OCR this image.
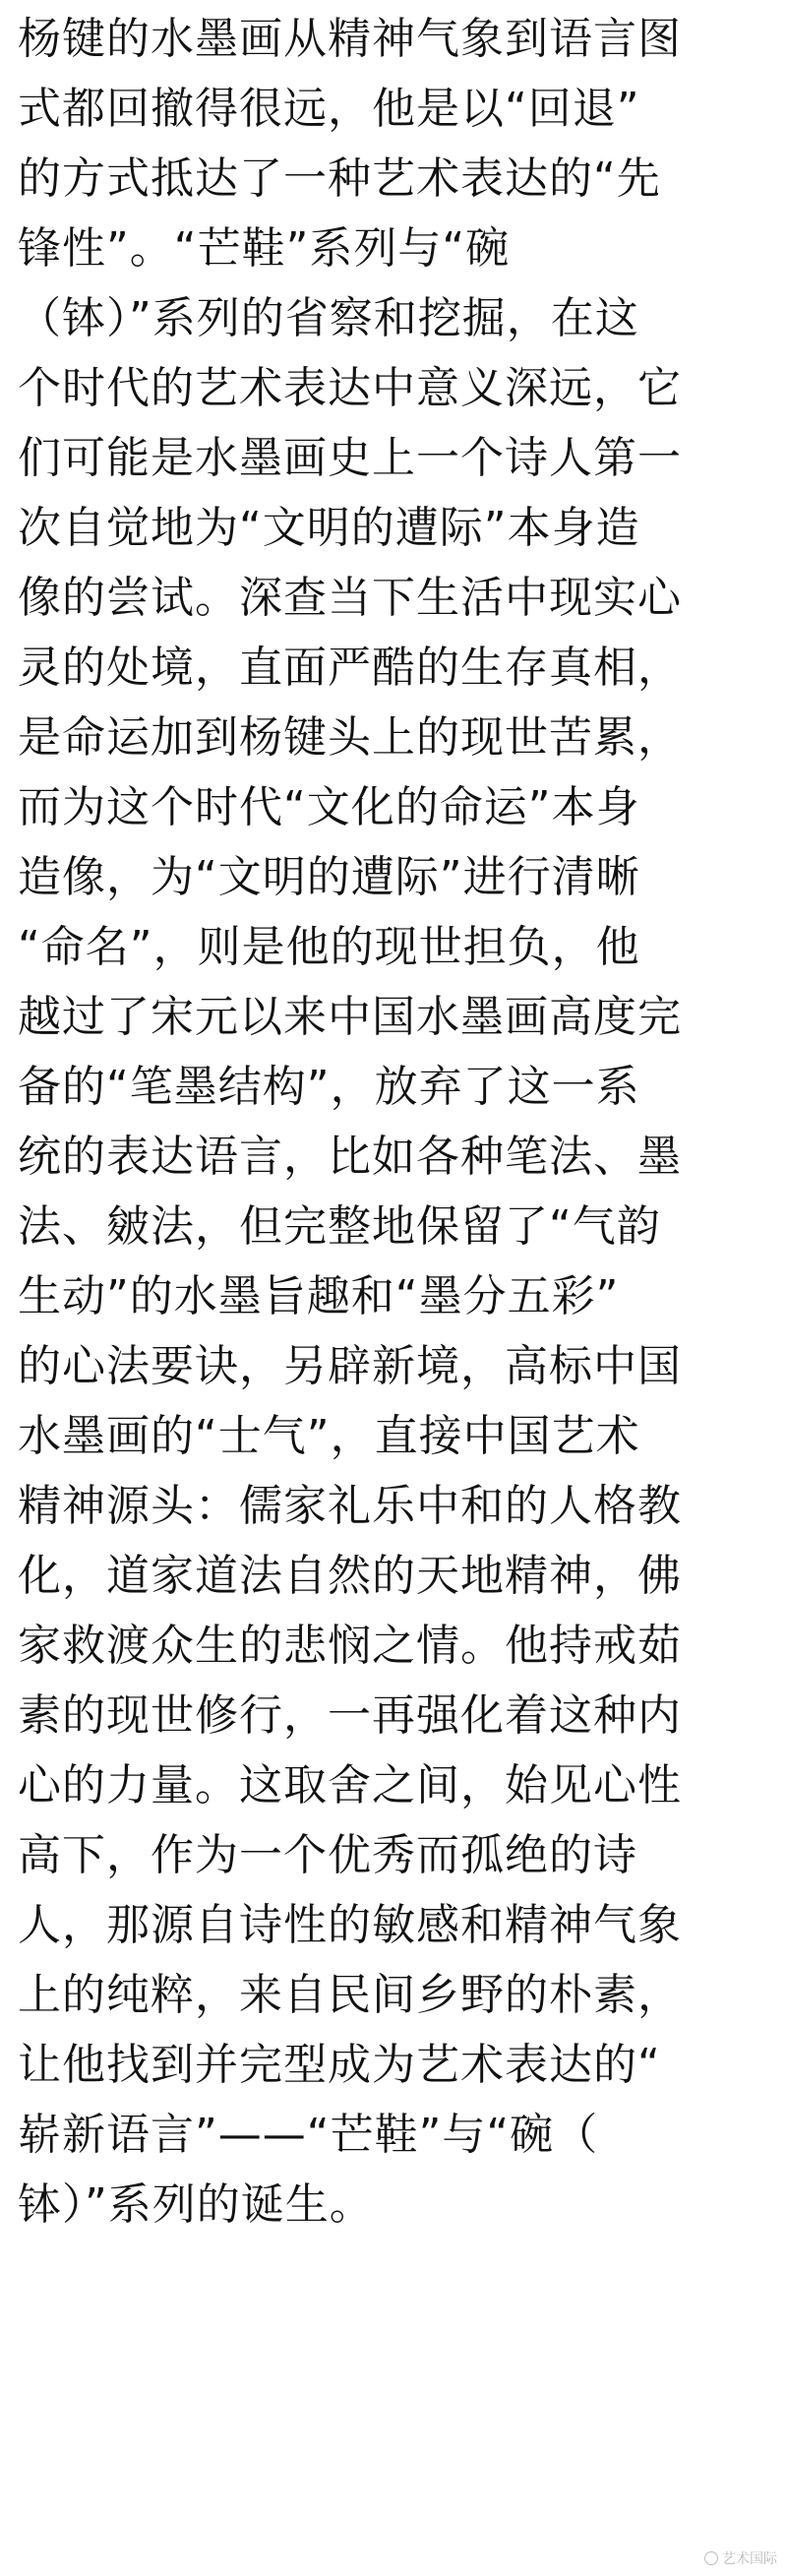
杨键的水墨画从精神气象到语言图
式都回撤得很远，他是以“回退”
的方式抵达了一种艺术表达的“先
锋性”。“芒鞋”系列与“碗
（钵）”系列的省察和挖掘，在这
个时代的艺术表达中意义深远，它
们可能是水墨画史上一个诗人第一
次自觉地为“文明的遭际”本身造
像的尝试。深查当下生活中现实心
灵的处境，直面严酷的生存真相，
是命运加到杨键头上的现世苦累，
而为这个时代“文化的命运”本身
造像，为“文明的遭际”进行清晰
“命名”，则是他的现世担负，他
越过了宋元以来中国水墨画高度完
备的“笔墨结构”，放弃了这一系
统的表达语言，比如各种笔法、墨
法、皴法，但完整地保留了“气韵
生动”的水墨旨趣和“墨分五彩”
的心法要诀，另辟新境，高标中国
水墨画的“士气”，直接中国艺术
精神源头：儒家礼乐中和的人格教
化，道家道法自然的天地精神，佛
家救渡众生的悲悯之情。他持戒茹
素的现世修行，一再强化着这种内
心的力量。这取舍之间，始见心性
高下，作为一个优秀而孤绝的诗
人，那源自诗性的敏感和精神气象
上的纯粹，来自民间乡野的朴素，
让他找到并完型成为艺术表达的“
崭新语言”——“芒鞋”与“碗（
钵）”系列的诞生。
艺术国际
